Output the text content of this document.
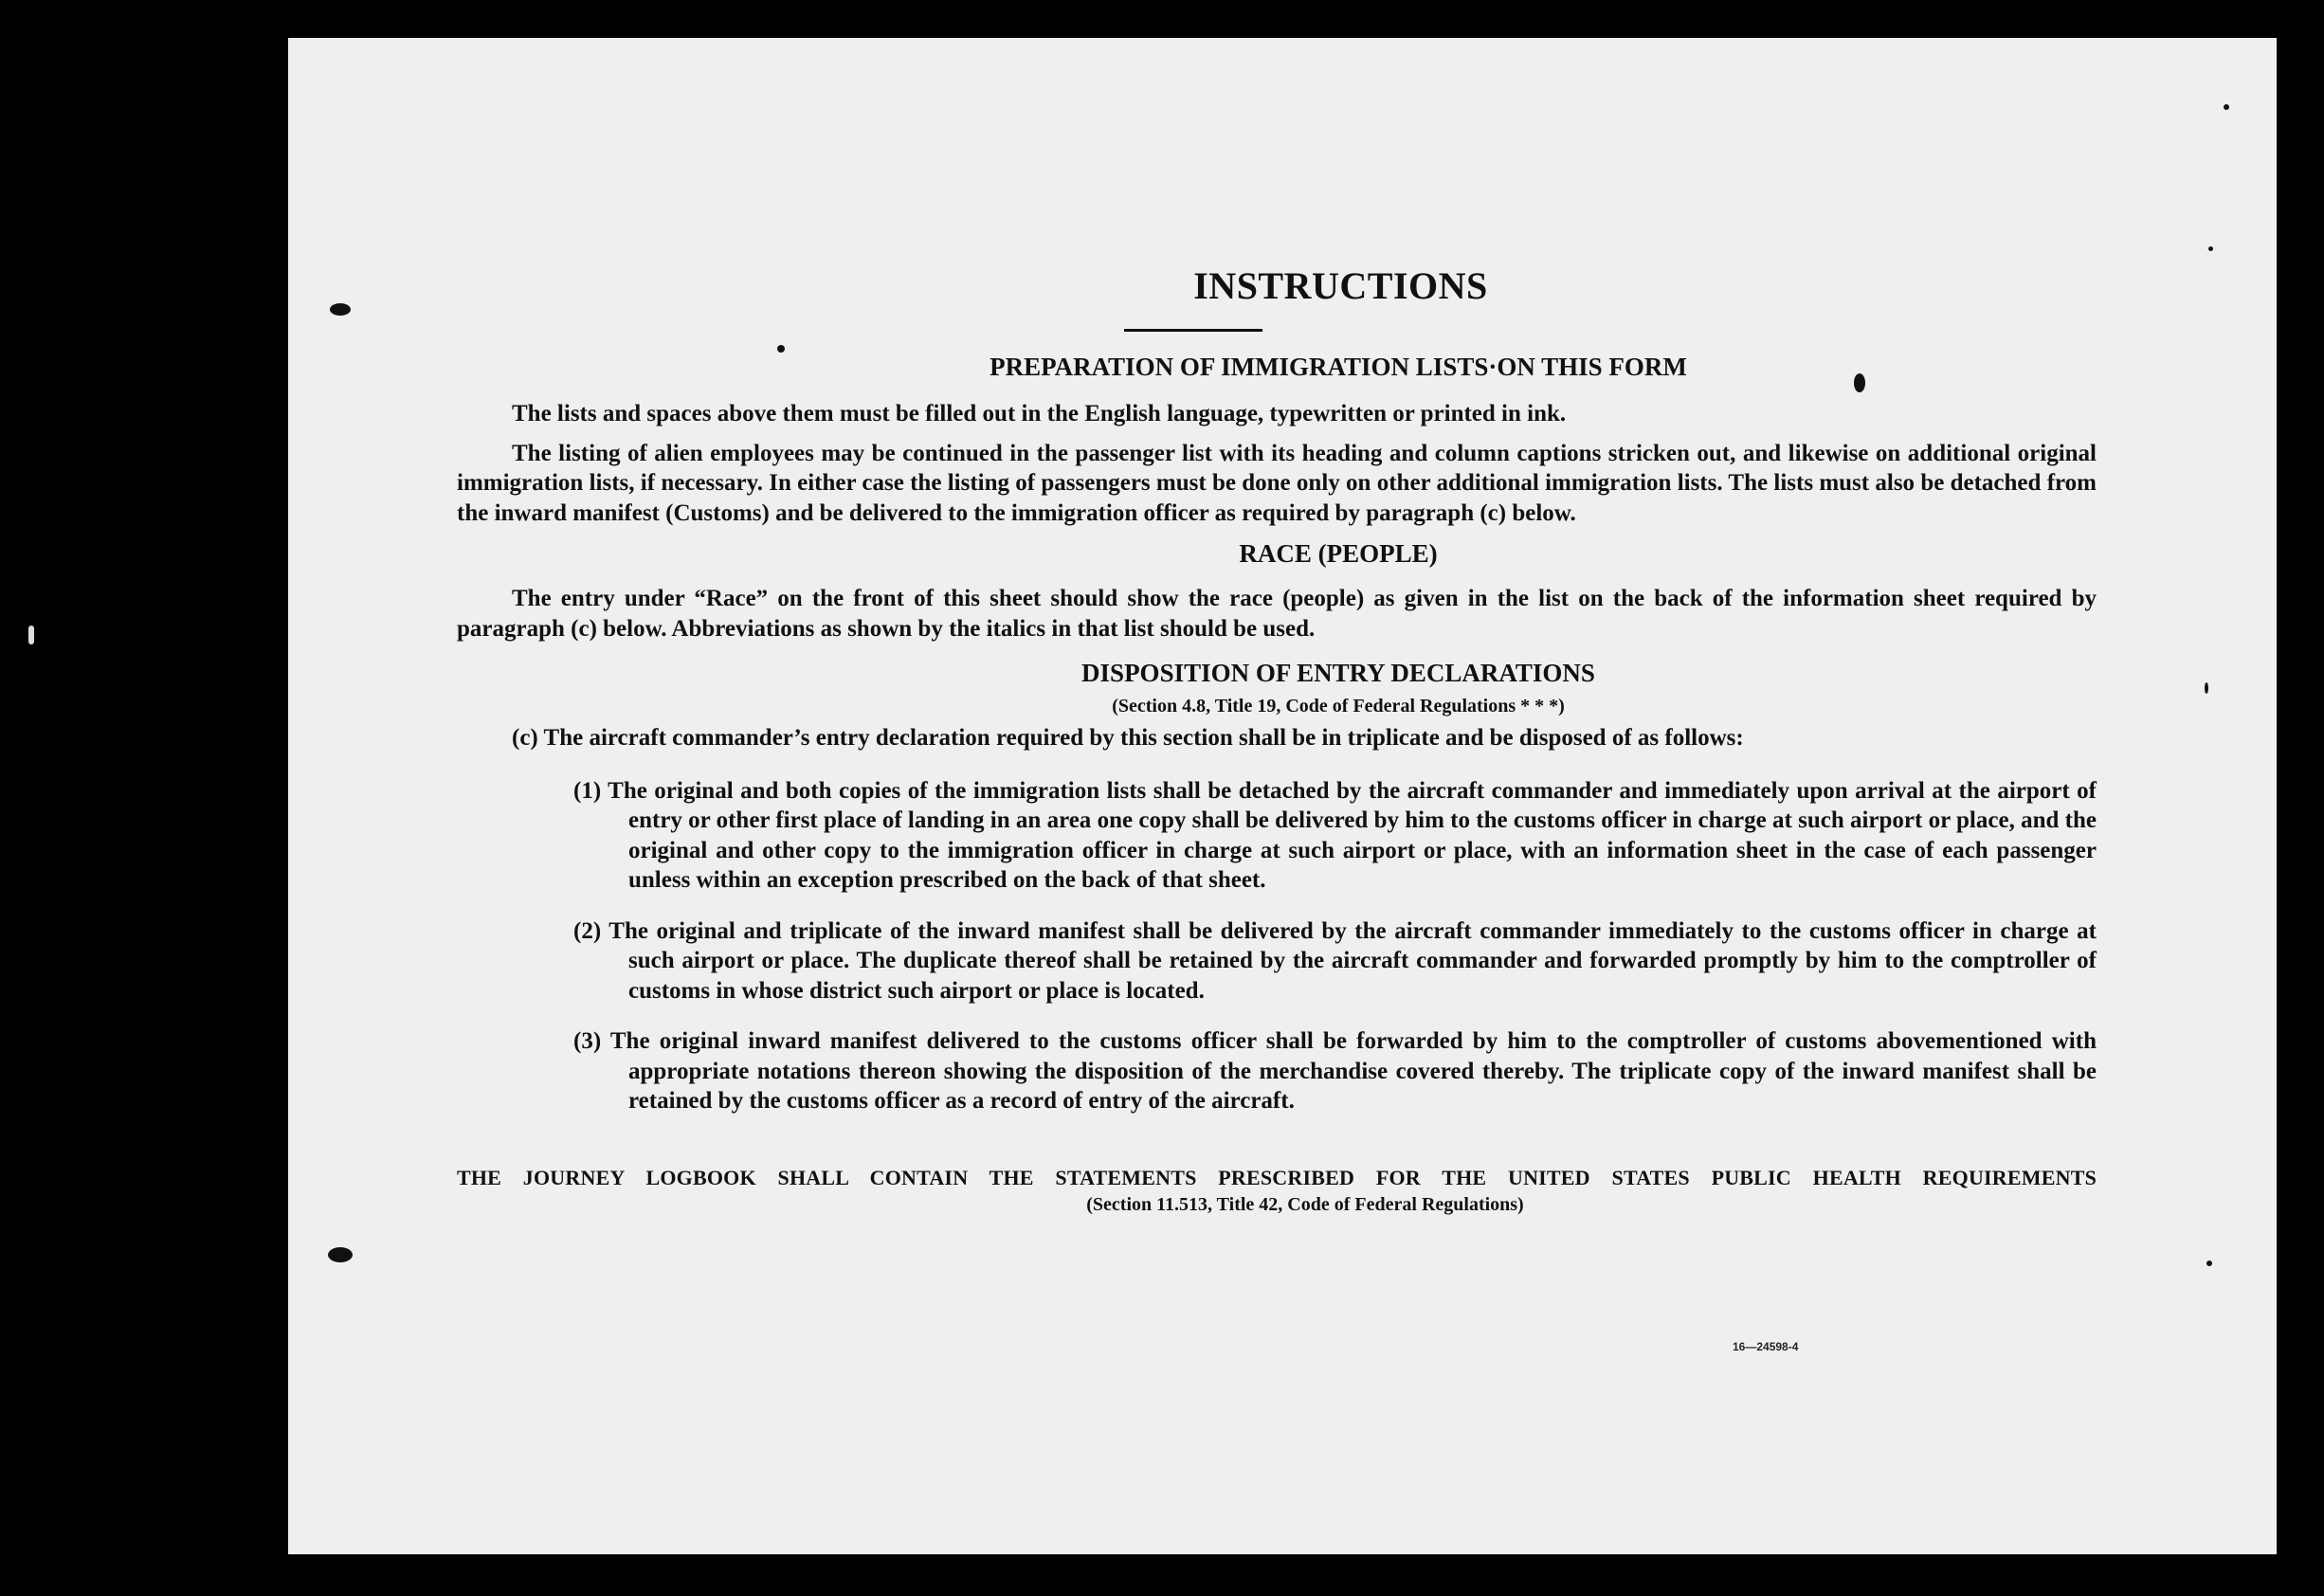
INSTRUCTIONS
PREPARATION OF IMMIGRATION LISTS·ON THIS FORM

The lists and spaces above them must be filled out in the English language, typewritten or printed in ink.

The listing of alien employees may be continued in the passenger list with its heading and column captions stricken out, and likewise on additional original immigration lists, if necessary. In either case the listing of passengers must be done only on other additional immigration lists. The lists must also be detached from the inward manifest (Customs) and be delivered to the immigration officer as required by paragraph (c) below.

RACE (PEOPLE)

The entry under “Race” on the front of this sheet should show the race (people) as given in the list on the back of the information sheet required by paragraph (c) below. Abbreviations as shown by the italics in that list should be used.

DISPOSITION OF ENTRY DECLARATIONS
(Section 4.8, Title 19, Code of Federal Regulations * * *)

(c) The aircraft commander’s entry declaration required by this section shall be in triplicate and be disposed of as follows:

(1) The original and both copies of the immigration lists shall be detached by the aircraft commander and immediately upon arrival at the airport of entry or other first place of landing in an area one copy shall be delivered by him to the customs officer in charge at such airport or place, and the original and other copy to the immigration officer in charge at such airport or place, with an information sheet in the case of each passenger unless within an exception prescribed on the back of that sheet.

(2) The original and triplicate of the inward manifest shall be delivered by the aircraft commander immediately to the customs officer in charge at such airport or place. The duplicate thereof shall be retained by the aircraft commander and forwarded promptly by him to the comptroller of customs in whose district such airport or place is located.

(3) The original inward manifest delivered to the customs officer shall be forwarded by him to the comptroller of customs abovementioned with appropriate notations thereon showing the disposition of the merchandise covered thereby. The triplicate copy of the inward manifest shall be retained by the customs officer as a record of entry of the aircraft.

THE JOURNEY LOGBOOK SHALL CONTAIN THE STATEMENTS PRESCRIBED FOR THE UNITED STATES PUBLIC HEALTH REQUIREMENTS
(Section 11.513, Title 42, Code of Federal Regulations)
16—24598-4
